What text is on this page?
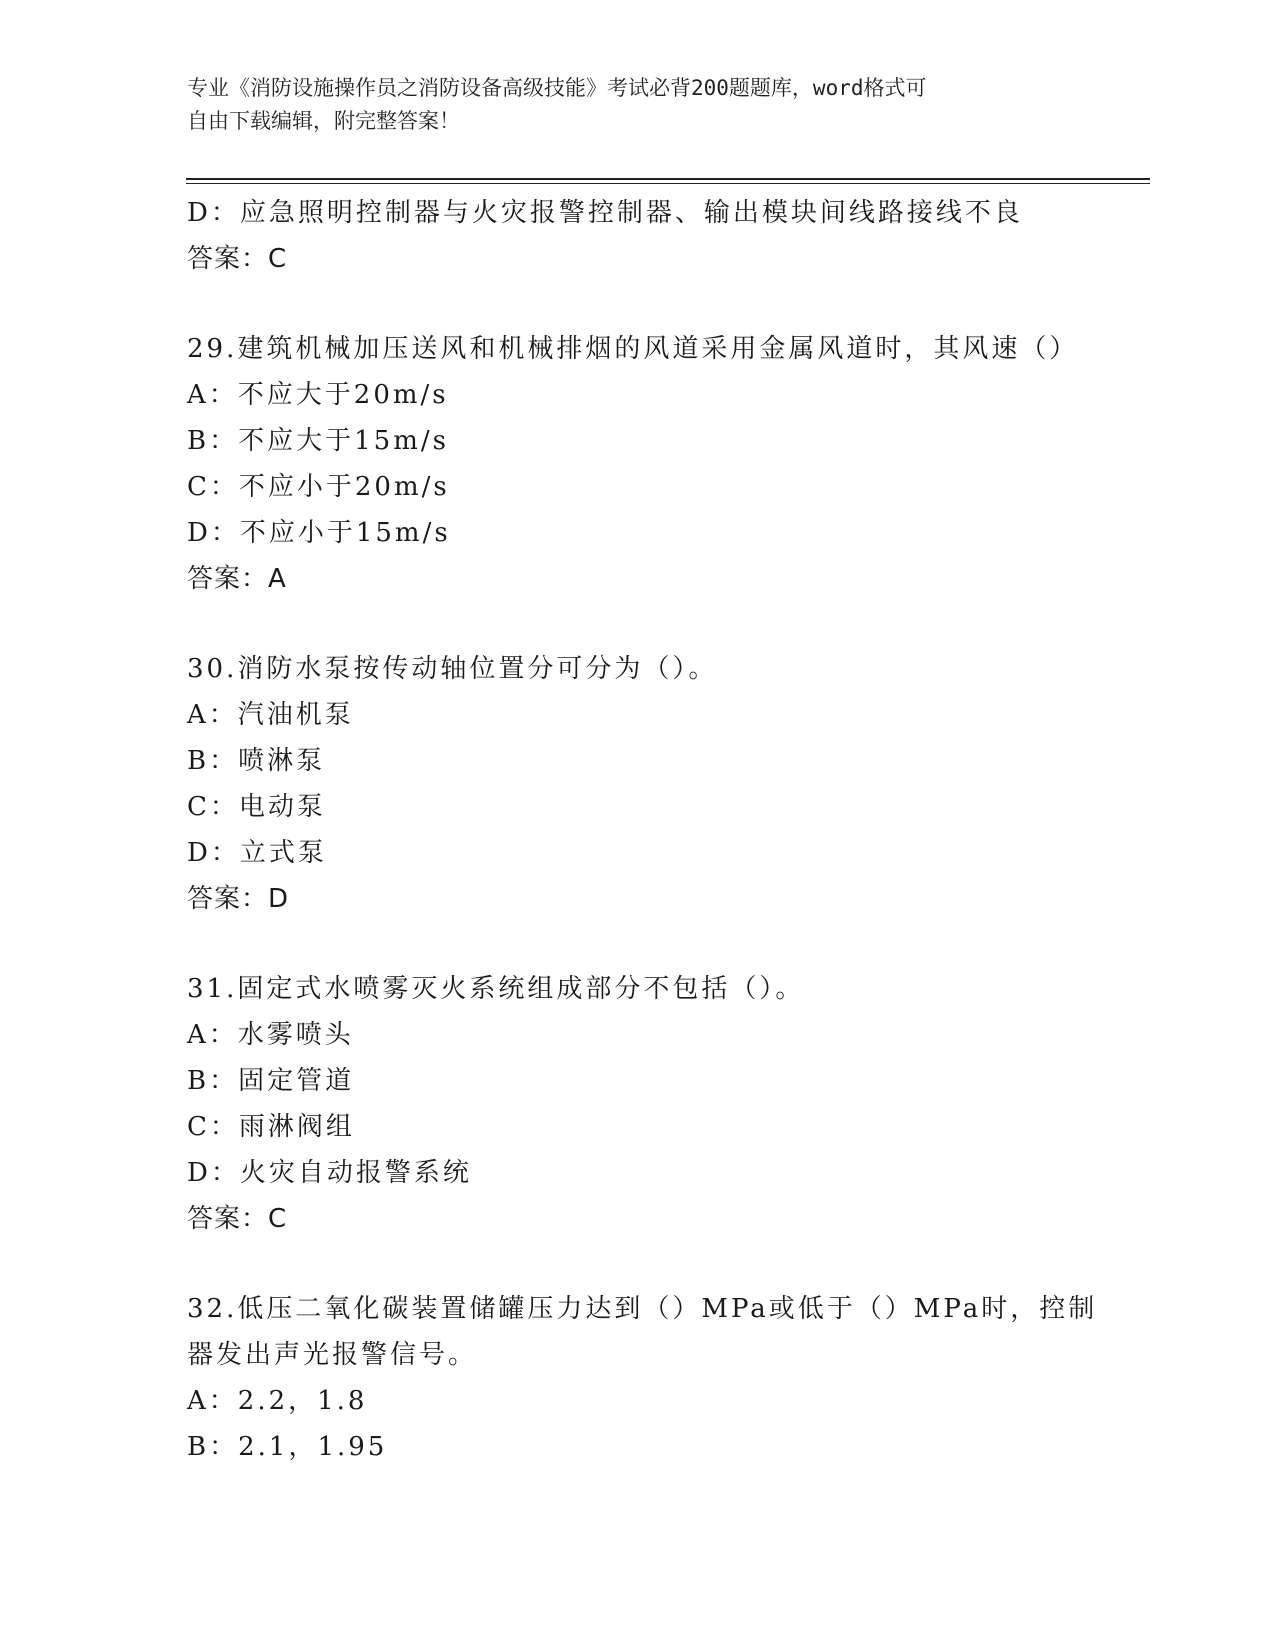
专业《消防设施操作员之消防设备高级技能》考试必背200题题库，word格式可
自由下载编辑，附完整答案！
D：应急照明控制器与火灾报警控制器、输出模块间线路接线不良
答案：C
29.建筑机械加压送风和机械排烟的风道采用金属风道时，其风速（）
A：不应大于20m/s
B：不应大于15m/s
C：不应小于20m/s
D：不应小于15m/s
答案：A
30.消防水泵按传动轴位置分可分为（）。
A：汽油机泵
B：喷淋泵
C：电动泵
D：立式泵
答案：D
31.固定式水喷雾灭火系统组成部分不包括（）。
A：水雾喷头
B：固定管道
C：雨淋阀组
D：火灾自动报警系统
答案：C
32.低压二氧化碳装置储罐压力达到（）MPa或低于（）MPa时，控制
器发出声光报警信号。
A：2.2，1.8
B：2.1，1.95
